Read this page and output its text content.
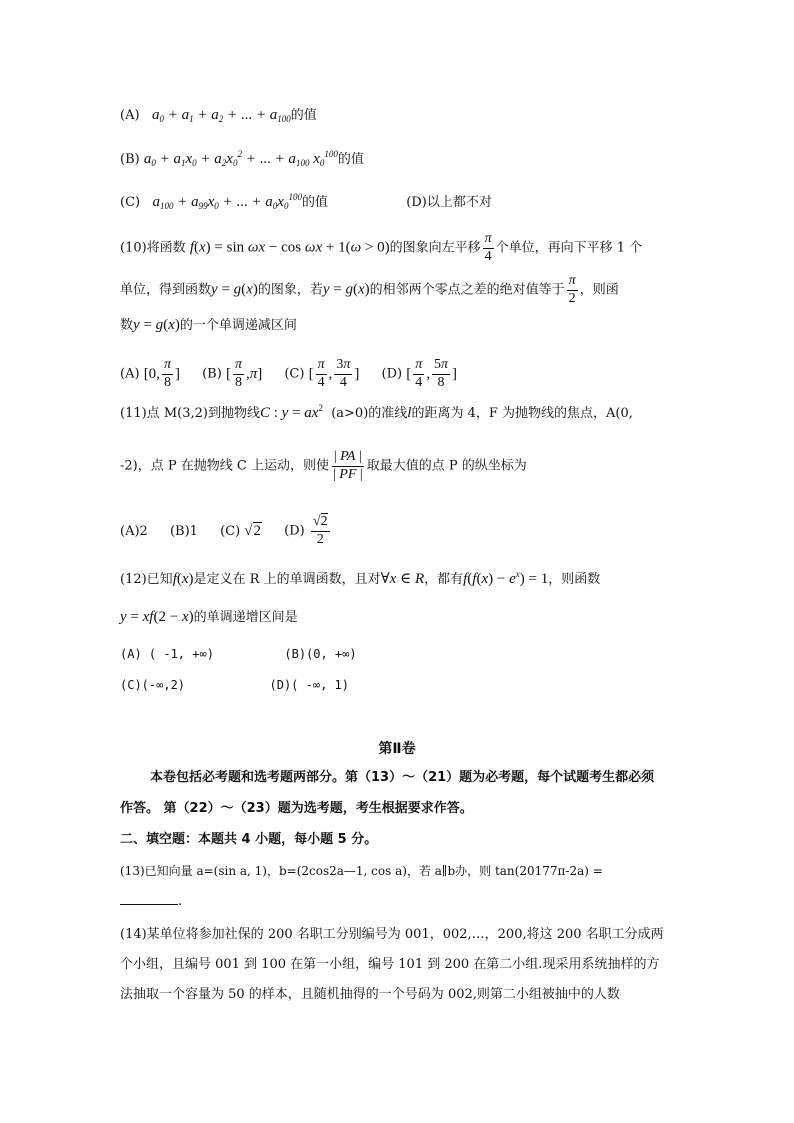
(A) $a_0 + a_1 + a_2$ + ... + $a_{100}$的值
(B) $a_0 + a_1x_0 + a_2x_0^2$ + ... + $a_{100}$ $x_0^{100}$的值
(C) $a_{100} + a_{99}x_0$ + ... + $a_0x_0^{100}$的值	(D)以上都不对
(10)将函数 f(x) = sin ωx − cos ωx + 1(ω > 0)的图象向左平移 $\frac{\pi}{4}$ 个单位，再向下平移 1 个
单位，得到函数y = g(x)的图象，若y = g(x)的相邻两个零点之差的绝对值等于 $\frac{\pi}{2}$ ，则函
数y = g(x)的一个单调递减区间
(A) [0, $\frac{\pi}{8}$ ] (B) [ $\frac{\pi}{8} ,\pi$] (C) [ $\frac{\pi}{4}$ , $\frac{3\pi}{4}$ ] (D) [ $\frac{\pi}{4}$ , $\frac{5\pi}{8}$ ]
(11)点 M(3,2)到抛物线C : $y = ax^2$ (a>0)的准线l的距离为 4，F 为抛物线的焦点，A(0,
-2)，点 P 在抛物线 C 上运动，则使 $\frac{| PA |}{| PF |}$ 取最大值的点 P 的纵坐标为
(A)2 (B)1 (C) √2 $(D) \frac{√2}{2}$
(12)已知f(x)是定义在 R 上的单调函数，且对∀x ∈ R，都有$f(f(x) - e^x) = 1$，则函数
y = xf(2 − x)的单调递增区间是
(A) ( -1, +∞)	(B)(0, +∞)
(C)(-∞,2)	(D)( -∞, 1)
第Ⅱ卷
本卷包括必考题和选考题两部分。第（13）～（21）题为必考题，每个试题考生都必须
作答。 第（22）～（23）题为选考题，考生根据要求作答。
二、填空题：本题共 4 小题，每小题 5 分。
(13)已知向量 a=(sin a, 1)，b=(2cos2a—1, cos a)，若 a∥b办，则 tan(20177π-2a) =
.
(14)某单位将参加社保的 200 名职工分别编号为 001，002,…，200,将这 200 名职工分成两
个小组，且编号 001 到 100 在第一小组，编号 101 到 200 在第二小组.现采用系统抽样的方
法抽取一个容量为 50 的样本，且随机抽得的一个号码为 002,则第二小组被抽中的人数
